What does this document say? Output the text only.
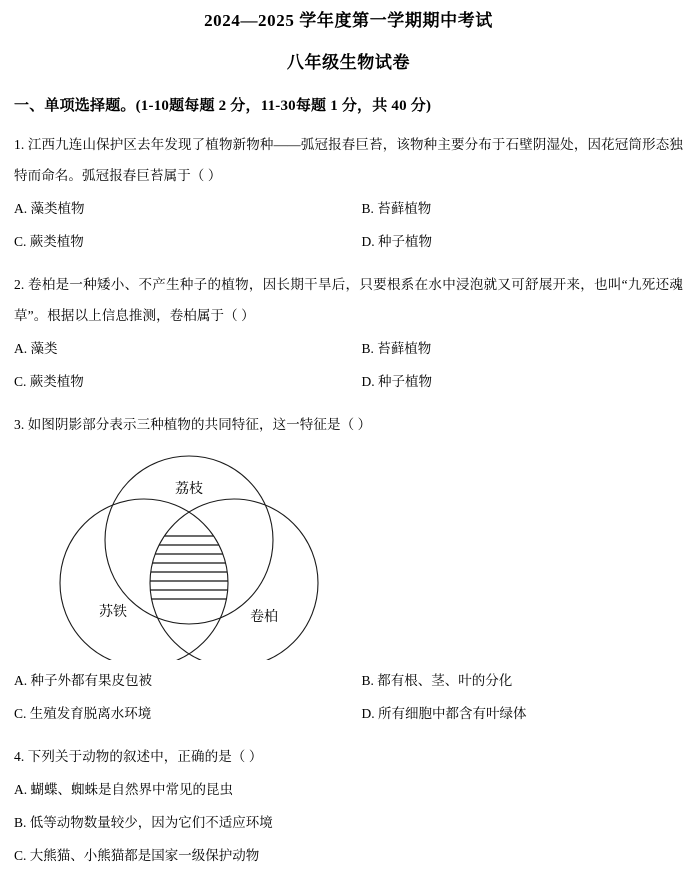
2024—2025 学年度第一学期期中考试
八年级生物试卷
一、单项选择题。(1-10题每题 2 分，11-30每题 1 分，共 40 分)
1. 江西九连山保护区去年发现了植物新物种——弧冠报春巨苔，该物种主要分布于石壁阴湿处，因花冠筒形态独特而命名。弧冠报春巨苔属于（ ）
A. 藻类植物	B. 苔藓植物
C. 蕨类植物	D. 种子植物
2. 卷柏是一种矮小、不产生种子的植物，因长期干旱后，只要根系在水中浸泡就又可舒展开来，也叫“九死还魂草”。根据以上信息推测，卷柏属于（ ）
A. 藻类	B. 苔藓植物
C. 蕨类植物	D. 种子植物
3. 如图阴影部分表示三种植物的共同特征，这一特征是（ ）
荔枝
苏铁	卷柏
A. 种子外都有果皮包被	B. 都有根、茎、叶的分化
C. 生殖发育脱离水环境	D. 所有细胞中都含有叶绿体
4. 下列关于动物的叙述中，正确的是（ ）
A. 蝴蝶、蜘蛛是自然界中常见的昆虫
B. 低等动物数量较少，因为它们不适应环境
C. 大熊猫、小熊猫都是国家一级保护动物
